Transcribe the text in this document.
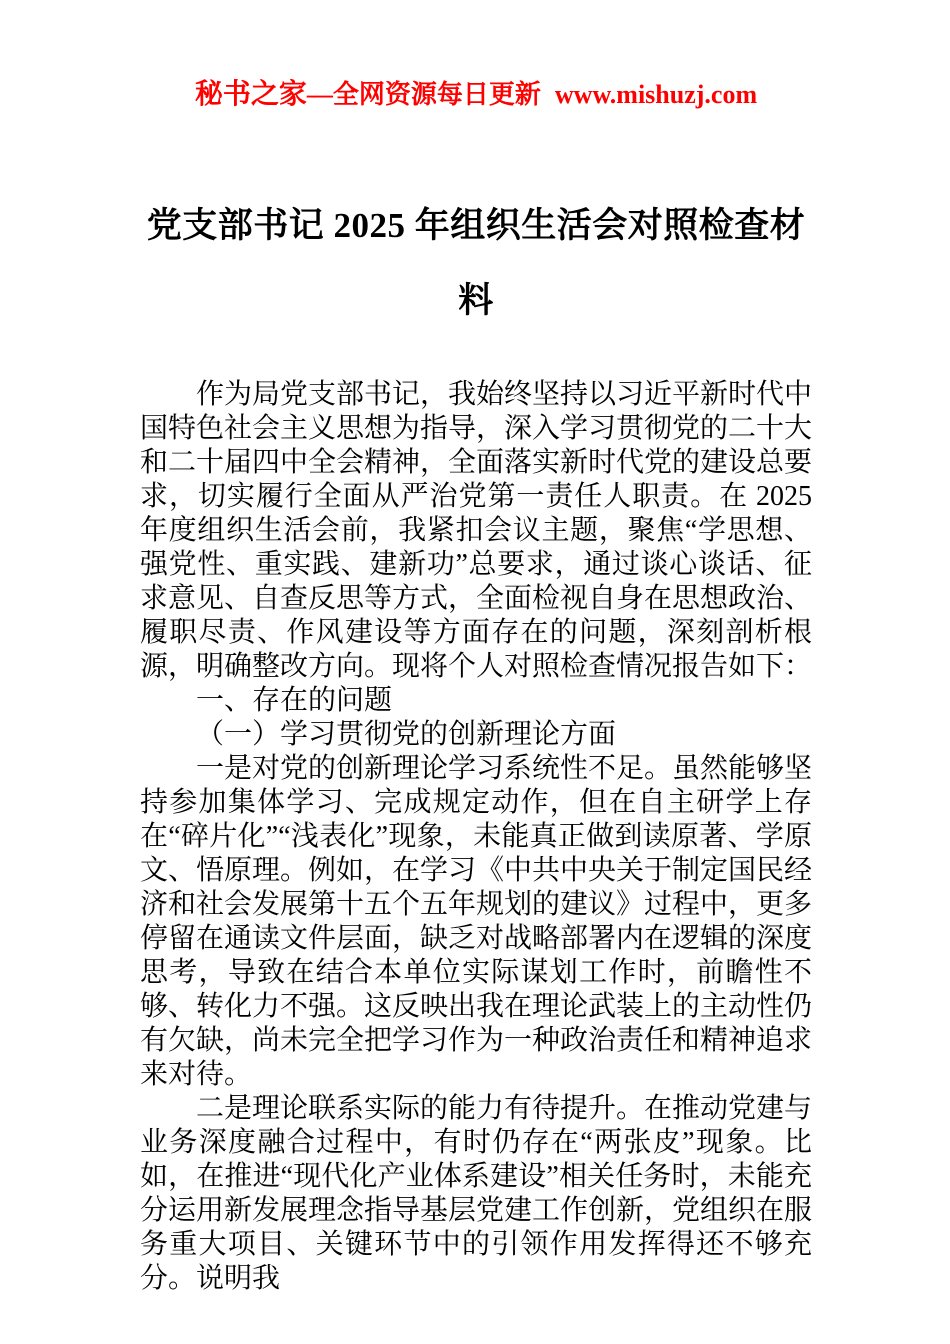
秘书之家—全网资源每日更新 www.mishuzj.com
党支部书记 2025 年组织生活会对照检查材料

作为局党支部书记，我始终坚持以习近平新时代中国特色社会主义思想为指导，深入学习贯彻党的二十大和二十届四中全会精神，全面落实新时代党的建设总要求，切实履行全面从严治党第一责任人职责。在 2025 年度组织生活会前，我紧扣会议主题，聚焦“学思想、强党性、重实践、建新功”总要求，通过谈心谈话、征求意见、自查反思等方式，全面检视自身在思想政治、履职尽责、作风建设等方面存在的问题，深刻剖析根源，明确整改方向。现将个人对照检查情况报告如下：

一、存在的问题

（一）学习贯彻党的创新理论方面

一是对党的创新理论学习系统性不足。虽然能够坚持参加集体学习、完成规定动作，但在自主研学上存在“碎片化”“浅表化”现象，未能真正做到读原著、学原文、悟原理。例如，在学习《中共中央关于制定国民经济和社会发展第十五个五年规划的建议》过程中，更多停留在通读文件层面，缺乏对战略部署内在逻辑的深度思考，导致在结合本单位实际谋划工作时，前瞻性不够、转化力不强。这反映出我在理论武装上的主动性仍有欠缺，尚未完全把学习作为一种政治责任和精神追求来对待。

二是理论联系实际的能力有待提升。在推动党建与业务深度融合过程中，有时仍存在“两张皮”现象。比如，在推进“现代化产业体系建设”相关任务时，未能充分运用新发展理念指导基层党建工作创新，党组织在服务重大项目、关键环节中的引领作用发挥得还不够充分。说明我
